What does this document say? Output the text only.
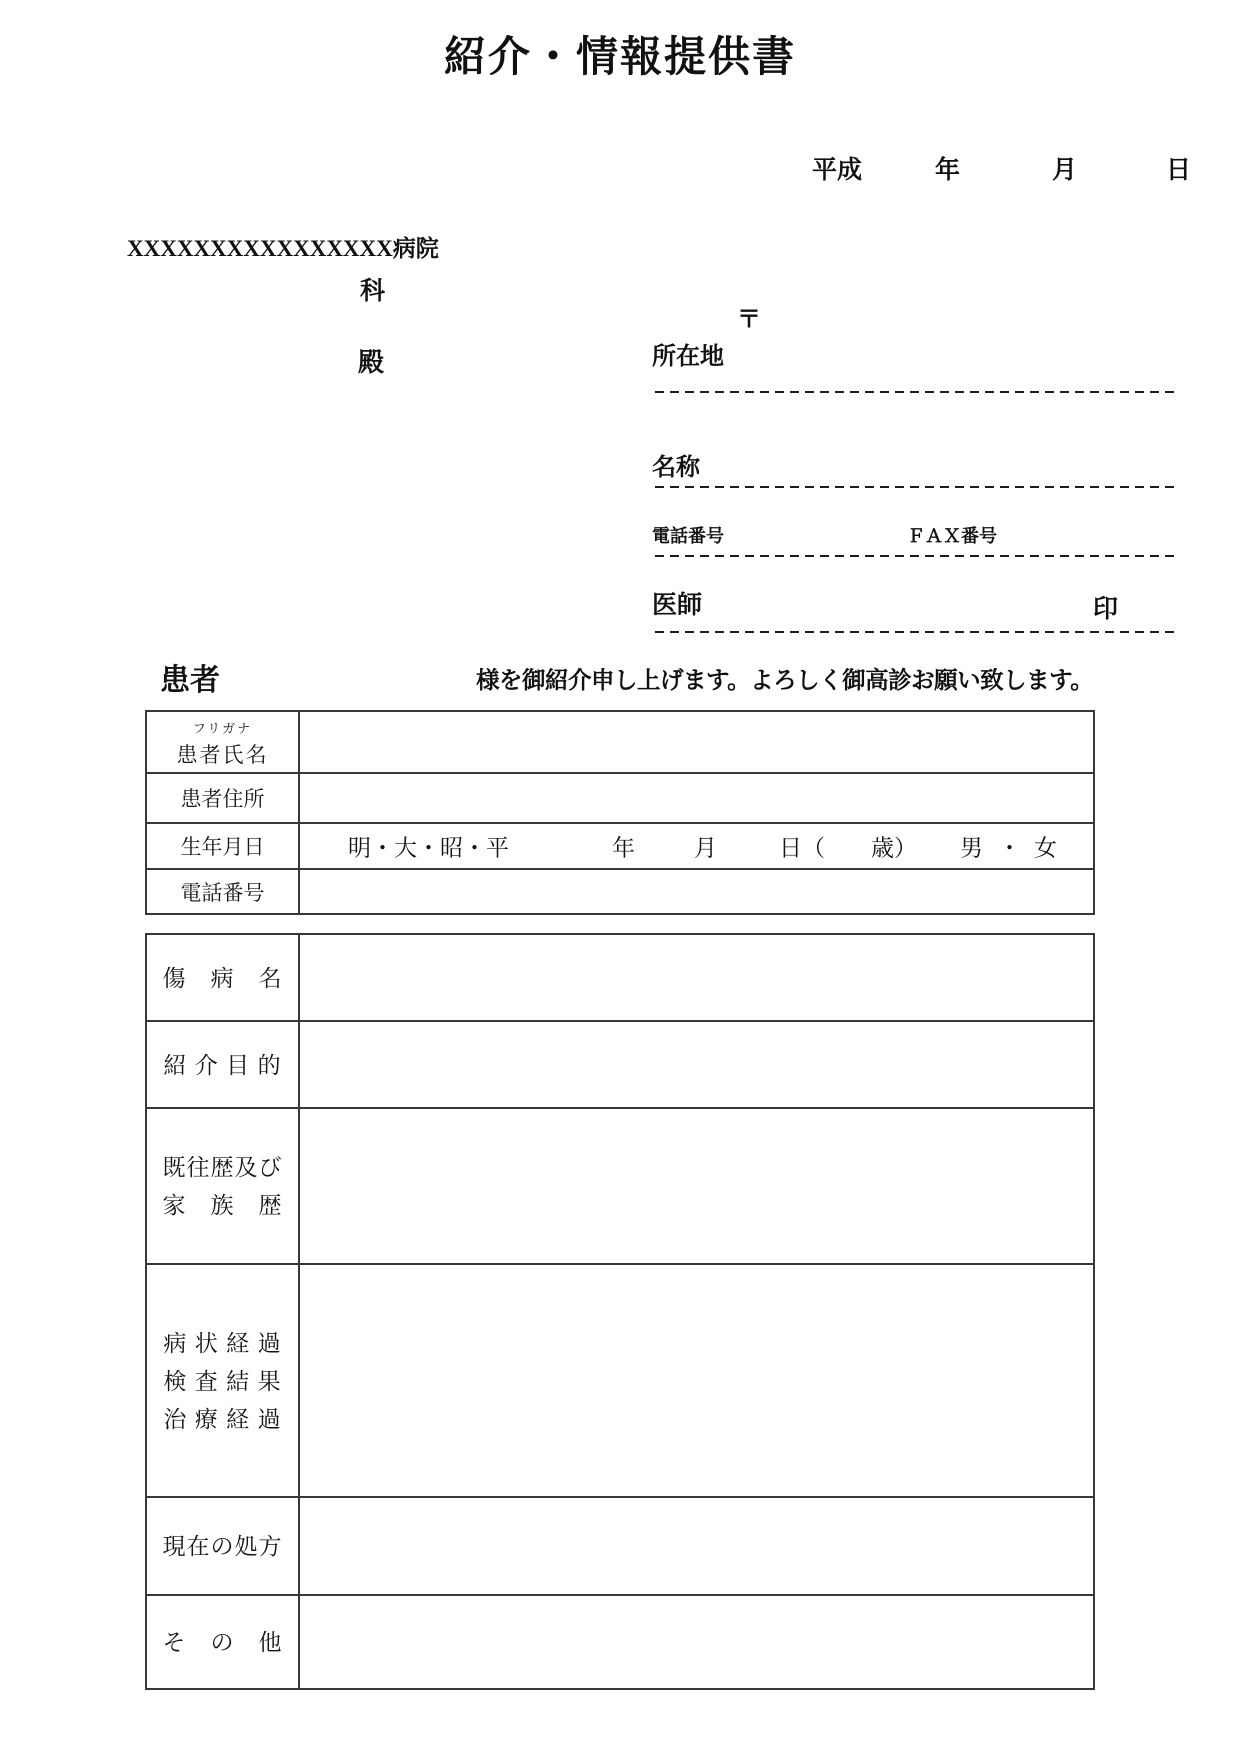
紹介・情報提供書
平成	年	月	日
XXXXXXXXXXXXXXXX病院
科
殿
〒
所在地
名称
電話番号	ＦＡＸ番号
医師	印
患者	様を御紹介申し上げます。よろしく御高診お願い致します。
フリガナ
患者氏名	

患者住所	
生年月日	明・大・昭・平	年	月	日（ 歳） 男 ・ 女

電話番号	
傷　病　名	

紹 介 目 的	

既往歴及び
家　族　歴	

病 状 経 過
検 査 結 果
治 療 経 過	

現在の処方	

そ　の　他	
